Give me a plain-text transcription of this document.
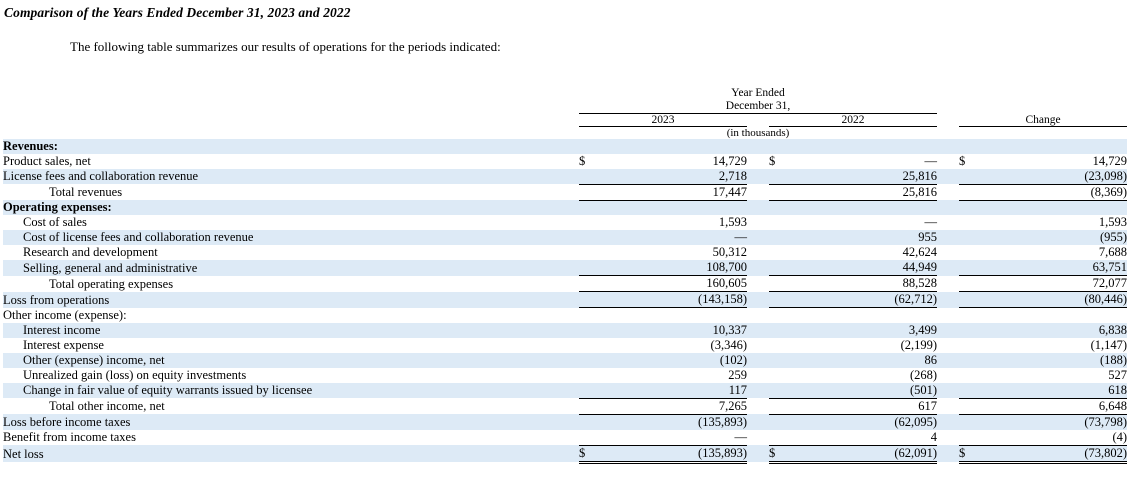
Comparison of the Years Ended December 31, 2023 and 2022
The following table summarizes our results of operations for the periods indicated:

	Year Ended
December 31,							

	2023			2022			Change	
	(in thousands)							
Revenues:								
Product sales, net	$	14,729		$	—		$	14,729
License fees and collaboration revenue		2,718			25,816			(23,098)
Total revenues		17,447			25,816			(8,369)
Operating expenses:								
Cost of sales		1,593			—			1,593
Cost of license fees and collaboration revenue		—			955			(955)
Research and development		50,312			42,624			7,688
Selling, general and administrative		108,700			44,949			63,751
Total operating expenses		160,605			88,528			72,077
Loss from operations		(143,158)			(62,712)			(80,446)
Other income (expense):								
Interest income		10,337			3,499			6,838
Interest expense		(3,346)			(2,199)			(1,147)
Other (expense) income, net		(102)			86			(188)
Unrealized gain (loss) on equity investments		259			(268)			527
Change in fair value of equity warrants issued by licensee		117			(501)			618
Total other income, net		7,265			617			6,648
Loss before income taxes		(135,893)			(62,095)			(73,798)
Benefit from income taxes		—			4			(4)
Net loss	$	(135,893)		$	(62,091)		$	(73,802)
